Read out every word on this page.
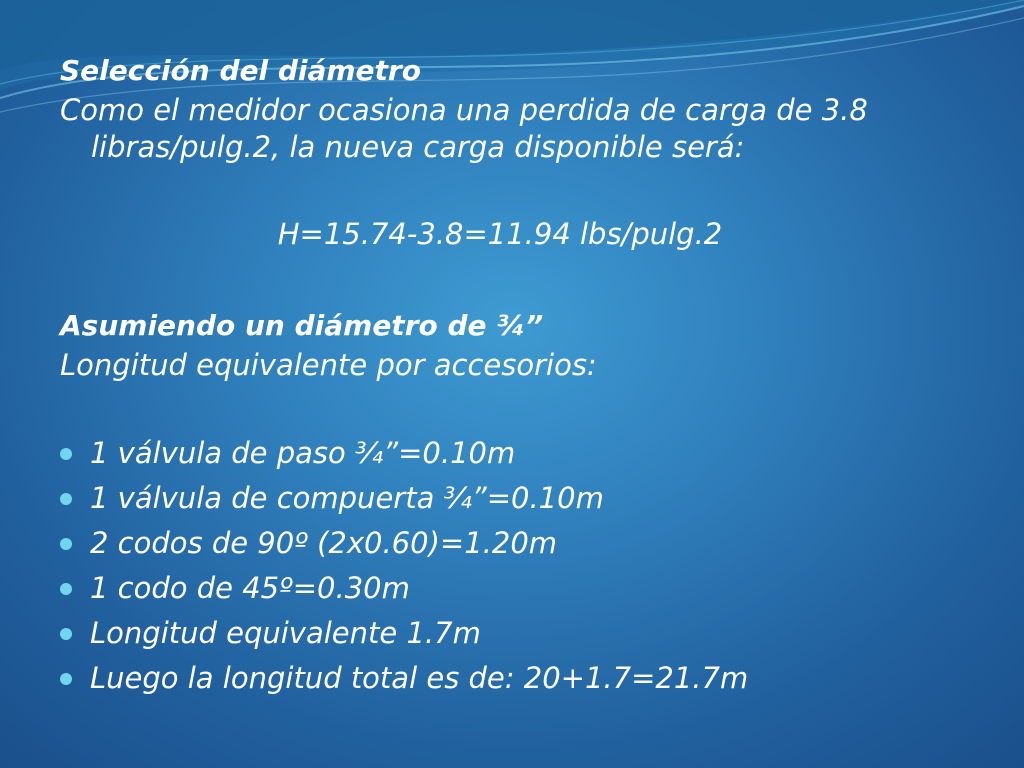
Selección del diámetro

Como el medidor ocasiona una perdida de carga de 3.8
libras/pulg.2, la nueva carga disponible será:

H=15.74-3.8=11.94 lbs/pulg.2

Asumiendo un diámetro de ¾”

Longitud equivalente por accesorios:

1 válvula de paso ¾”=0.10m
1 válvula de compuerta ¾”=0.10m
2 codos de 90º (2x0.60)=1.20m
1 codo de 45º=0.30m
Longitud equivalente 1.7m
Luego la longitud total es de: 20+1.7=21.7m
